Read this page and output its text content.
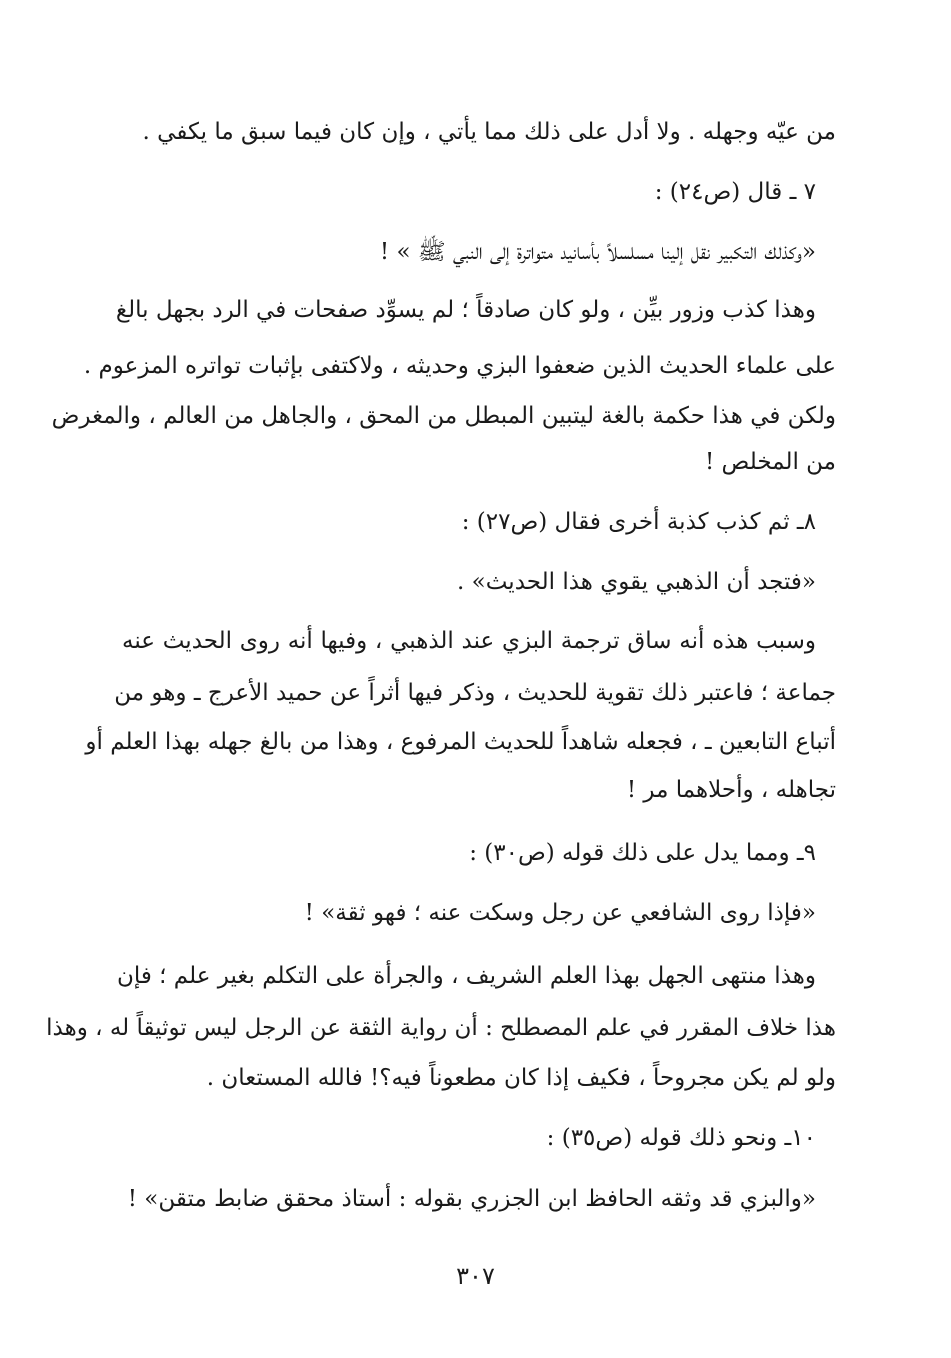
من عيّه وجهله . ولا أدل على ذلك مما يأتي ، وإن كان فيما سبق ما يكفي .
٧ ـ قال (ص٢٤) :
«وكذلك التكبير نقل إلينا مسلسلاً بأسانيد متواترة إلى النبي ﷺ » !
وهذا كذب وزور بيِّن ، ولو كان صادقاً ؛ لم يسوِّد صفحات في الرد بجهل بالغ
على علماء الحديث الذين ضعفوا البزي وحديثه ، ولاكتفى بإثبات تواتره المزعوم .
ولكن في هذا حكمة بالغة ليتبين المبطل من المحق ، والجاهل من العالم ، والمغرض
من المخلص !
٨ـ ثم كذب كذبة أخرى فقال (ص٢٧) :
«فتجد أن الذهبي يقوي هذا الحديث» .
وسبب هذه أنه ساق ترجمة البزي عند الذهبي ، وفيها أنه روى الحديث عنه
جماعة ؛ فاعتبر ذلك تقوية للحديث ، وذكر فيها أثراً عن حميد الأعرج ـ وهو من
أتباع التابعين ـ ، فجعله شاهداً للحديث المرفوع ، وهذا من بالغ جهله بهذا العلم أو
تجاهله ، وأحلاهما مر !
٩ـ ومما يدل على ذلك قوله (ص٣٠) :
«فإذا روى الشافعي عن رجل وسكت عنه ؛ فهو ثقة» !
وهذا منتهى الجهل بهذا العلم الشريف ، والجرأة على التكلم بغير علم ؛ فإن
هذا خلاف المقرر في علم المصطلح : أن رواية الثقة عن الرجل ليس توثيقاً له ، وهذا
ولو لم يكن مجروحاً ، فكيف إذا كان مطعوناً فيه؟! فالله المستعان .
١٠ـ ونحو ذلك قوله (ص٣٥) :
«والبزي قد وثقه الحافظ ابن الجزري بقوله : أستاذ محقق ضابط متقن» !
٣٠٧
